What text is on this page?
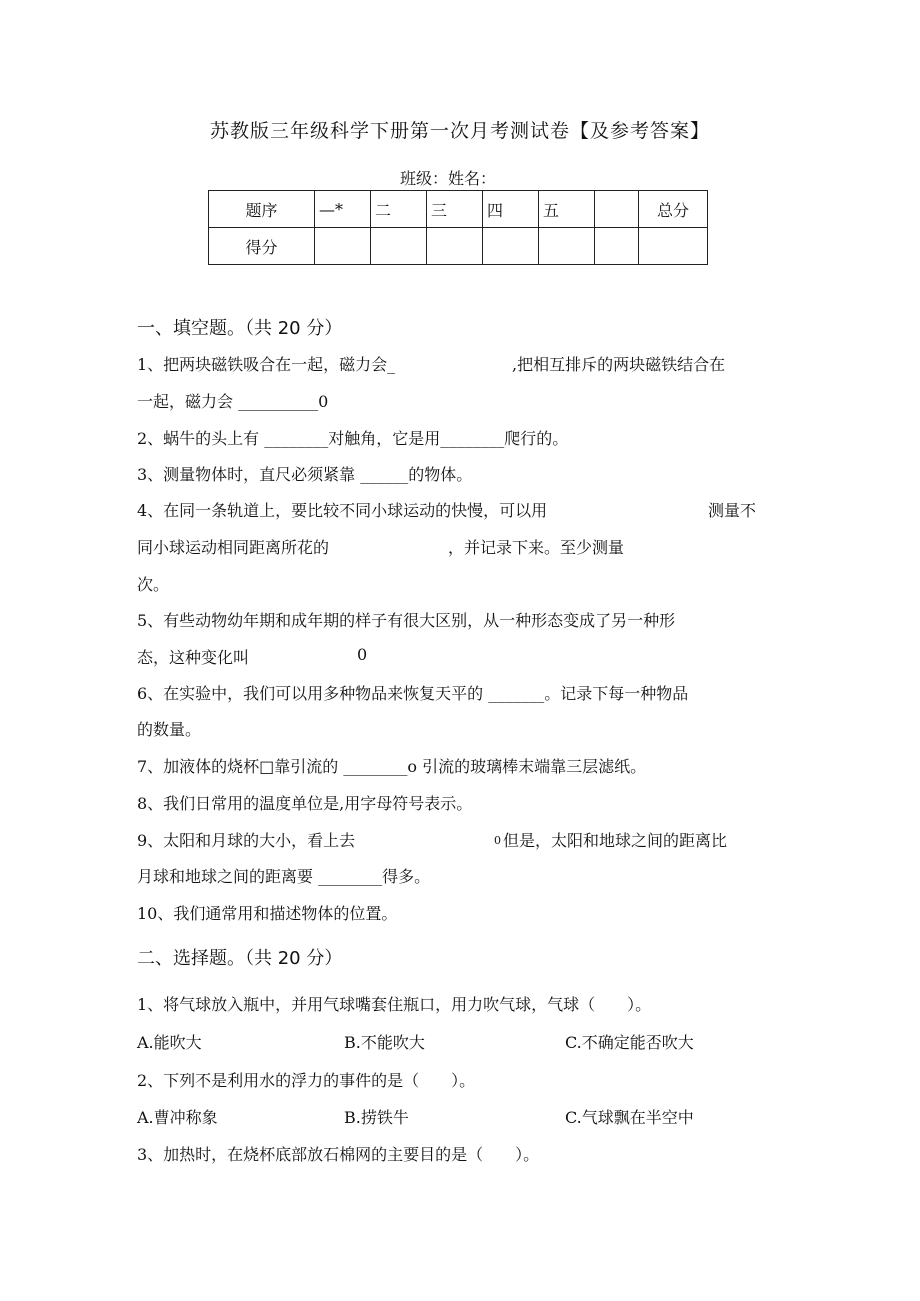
苏教版三年级科学下册第一次月考测试卷【及参考答案】
班级：姓名：
题序	—*	二	三	四	五		总分
得分							
一、填空题。（共 20 分）
1、把两块磁铁吸合在一起，磁力会_	,把相互排斥的两块磁铁结合在
一起，磁力会 __________0
2、蜗牛的头上有 ________对触角，它是用________爬行的。
3、测量物体时，直尺必须紧靠 ______的物体。
4、在同一条轨道上，要比较不同小球运动的快慢，可以用	测量不
同小球运动相同距离所花的	，并记录下来。至少测量
次。
5、有些动物幼年期和成年期的样子有很大区别，从一种形态变成了另一种形
态，这种变化叫	0
6、在实验中，我们可以用多种物品来恢复天平的 _______。记录下每一种物品
的数量。
7、加液体的烧杯□靠引流的 ________o 引流的玻璃棒末端靠三层滤纸。
8、我们日常用的温度单位是,用字母符号表示。
9、太阳和月球的大小，看上去	0 但是，太阳和地球之间的距离比
月球和地球之间的距离要 ________得多。
10、我们通常用和描述物体的位置。
二、选择题。（共 20 分）
1、将气球放入瓶中，并用气球嘴套住瓶口，用力吹气球，气球（　　）。
A.能吹大	B.不能吹大	C.不确定能否吹大
2、下列不是利用水的浮力的事件的是（　　）。
A.曹冲称象	B.捞铁牛	C.气球飘在半空中
3、加热时，在烧杯底部放石棉网的主要目的是（　　）。
